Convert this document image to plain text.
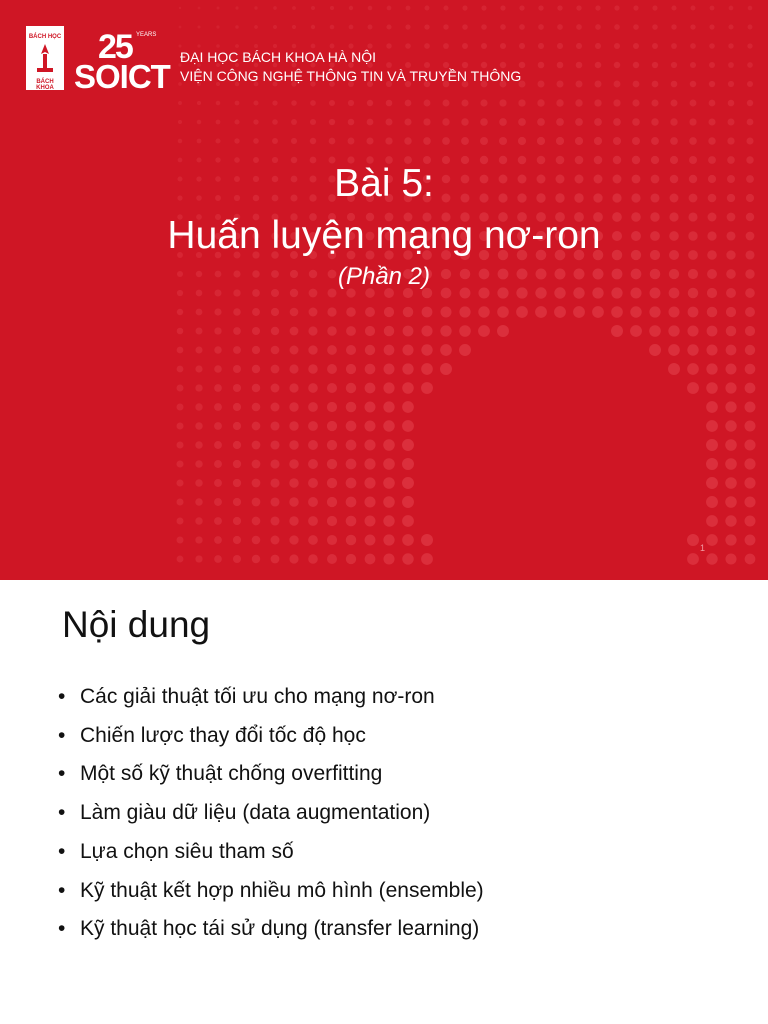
BÁCH HỌC
BÁCH KHOA
25 YEARS
SOICT
ĐẠI HỌC BÁCH KHOA HÀ NỘI
VIỆN CÔNG NGHỆ THÔNG TIN VÀ TRUYỀN THÔNG
Bài 5:
Huấn luyện mạng nơ-ron
(Phần 2)
1
Nội dung
• Các giải thuật tối ưu cho mạng nơ-ron
• Chiến lược thay đổi tốc độ học
• Một số kỹ thuật chống overfitting
• Làm giàu dữ liệu (data augmentation)
• Lựa chọn siêu tham số
• Kỹ thuật kết hợp nhiều mô hình (ensemble)
• Kỹ thuật học tái sử dụng (transfer learning)
